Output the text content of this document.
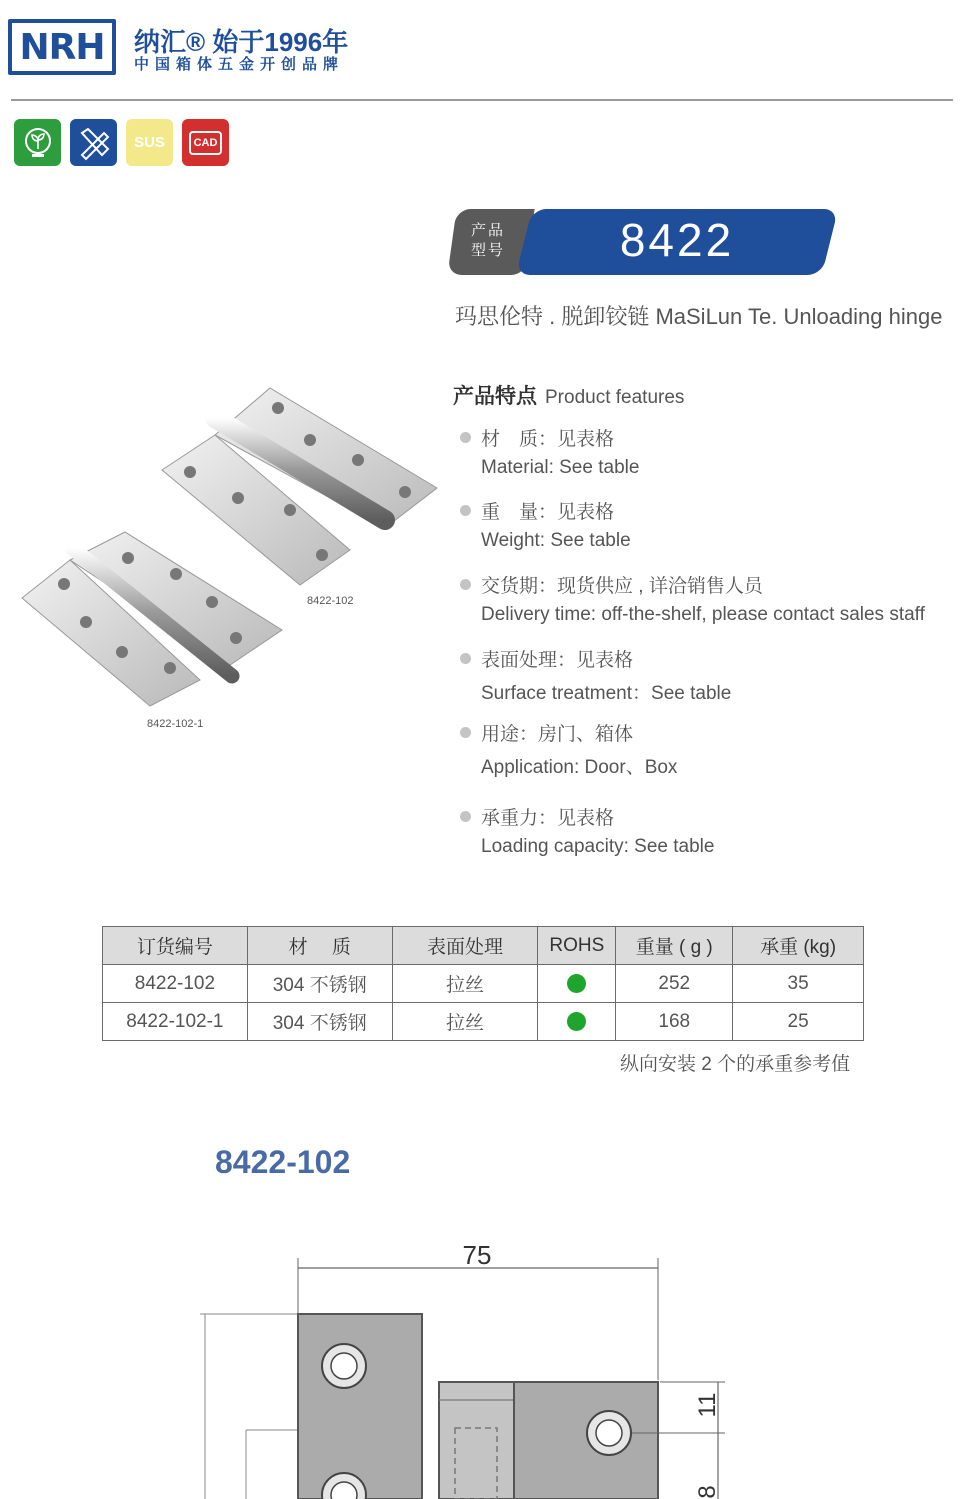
NRH 纳汇® 始于1996年
中国箱体五金开创品牌
SUS	CAD
产品
型号	8422
玛思伦特 . 脱卸铰链 MaSiLun Te. Unloading hinge
8422-102
8422-102-1
产品特点 Product features
材　质：见表格
Material: See table
重　量：见表格
Weight: See table
交货期：现货供应 , 详洽销售人员
Delivery time: off-the-shelf, please contact sales staff
表面处理：见表格
Surface treatment：See table
用途：房门、箱体
Application: Door、Box
承重力：见表格
Loading capacity: See table
订货编号	材　 质	表面处理	ROHS	重量 ( g )	承重 (kg)
8422-102	304 不锈钢	拉丝		252	35
8422-102-1	304 不锈钢	拉丝		168	25
纵向安装 2 个的承重参考值
8422-102
75
11
8
